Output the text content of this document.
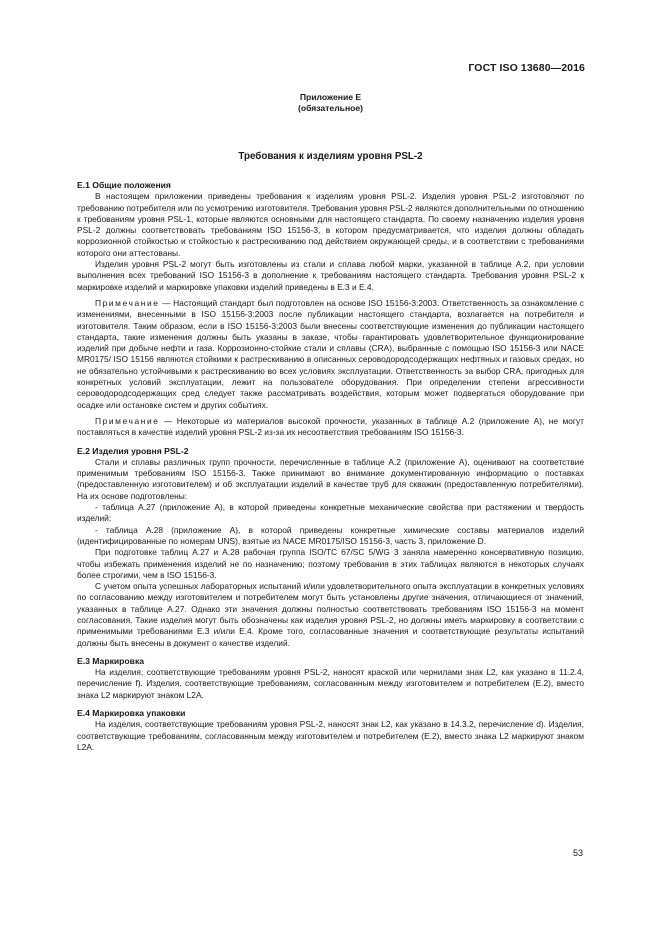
ГОСТ ISO 13680—2016
Приложение Е
(обязательное)
Требования к изделиям уровня PSL-2

Е.1 Общие положения

В настоящем приложении приведены требования к изделиям уровня PSL-2. Изделия уровня PSL-2 изготовляют по требованию потребителя или по усмотрению изготовителя. Требования уровня PSL-2 являются дополнительными по отношению к требованиям уровня PSL-1, которые являются основными для настоящего стандарта. По своему назначению изделия уровня PSL-2 должны соответствовать требованиям ISO 15156-3, в котором предусматривается, что изделия должны обладать коррозионной стойкостью и стойкостью к растрескиванию под действием окружающей среды, и в соответствии с требованиями которого они аттестованы.

Изделия уровня PSL-2 могут быть изготовлены из стали и сплава любой марки, указанной в таблице А.2, при условии выполнения всех требований ISO 15156-3 в дополнение к требованиям настоящего стандарта. Требования уровня PSL-2 к маркировке изделий и маркировке упаковки изделий приведены в Е.3 и Е.4.

Примечание — Настоящий стандарт был подготовлен на основе ISO 15156-3:2003. Ответственность за ознакомление с изменениями, внесенными в ISO 15156-3:2003 после публикации настоящего стандарта, возлагается на потребителя и изготовителя. Таким образом, если в ISO 15156-3:2003 были внесены соответствующие изменения до публикации настоящего стандарта, такие изменения должны быть указаны в заказе, чтобы гарантировать удовлетворительное функционирование изделий при добыче нефти и газа. Коррозионно-стойкие стали и сплавы (CRA), выбранные с помощью ISO 15156-3 или NACE MR0175/ ISO 15156 являются стойкими к растрескиванию в описанных сероводородсодержащих нефтяных и газовых средах, но не обязательно устойчивыми к растрескиванию во всех условиях эксплуатации. Ответственность за выбор CRA, пригодных для конкретных условий эксплуатации, лежит на пользователе оборудования. При определении степени агрессивности сероводородсодержащих сред следует также рассматривать воздействия, которым может подвергаться оборудование при осадке или остановке систем и других событиях.

Примечание — Некоторые из материалов высокой прочности, указанных в таблице А.2 (приложение А), не могут поставляться в качестве изделий уровня PSL-2 из-за их несоответствия требованиям ISO 15156-3.

Е.2 Изделия уровня PSL-2

Стали и сплавы различных групп прочности, перечисленные в таблице А.2 (приложение А), оценивают на соответствие применимым требованиям ISO 15156-3. Также принимают во внимание документированную информацию о поставках (предоставленную изготовителем) и об эксплуатации изделий в качестве труб для скважин (предоставленную потребителями). На их основе подготовлены:

- таблица А.27 (приложение А), в которой приведены конкретные механические свойства при растяжении и твердость изделий;

- таблица А.28 (приложение А), в которой приведены конкретные химические составы материалов изделий (идентифицированные по номерам UNS), взятые из NACE MR0175/ISO 15156-3, часть 3, приложение D.

При подготовке таблиц А.27 и А.28 рабочая группа ISO/TC 67/SC 5/WG 3 заняла намеренно консервативную позицию, чтобы избежать применения изделий не по назначению; поэтому требования в этих таблицах являются в некоторых случаях более строгими, чем в ISO 15156-3.

С учетом опыта успешных лабораторных испытаний и/или удовлетворительного опыта эксплуатации в конкретных условиях по согласованию между изготовителем и потребителем могут быть установлены другие значения, отличающиеся от значений, указанных в таблице А.27. Однако эти значения должны полностью соответствовать требованиям ISO 15156-3 на момент согласования. Такие изделия могут быть обозначены как изделия уровня PSL-2, но должны иметь маркировку в соответствии с применимыми требованиями Е.3 и/или Е.4. Кроме того, согласованные значения и соответствующие результаты испытаний должны быть внесены в документ о качестве изделий.

Е.3 Маркировка

На изделия, соответствующие требованиям уровня PSL-2, наносят краской или чернилами знак L2, как указано в 11.2.4, перечисление f). Изделия, соответствующие требованиям, согласованным между изготовителем и потребителем (Е.2), вместо знака L2 маркируют знаком L2A.

Е.4 Маркировка упаковки

На изделия, соответствующие требованиям уровня PSL-2, наносят знак L2, как указано в 14.3.2, перечисление d). Изделия, соответствующие требованиям, согласованным между изготовителем и потребителем (Е.2), вместо знака L2 маркируют знаком L2A.

53
